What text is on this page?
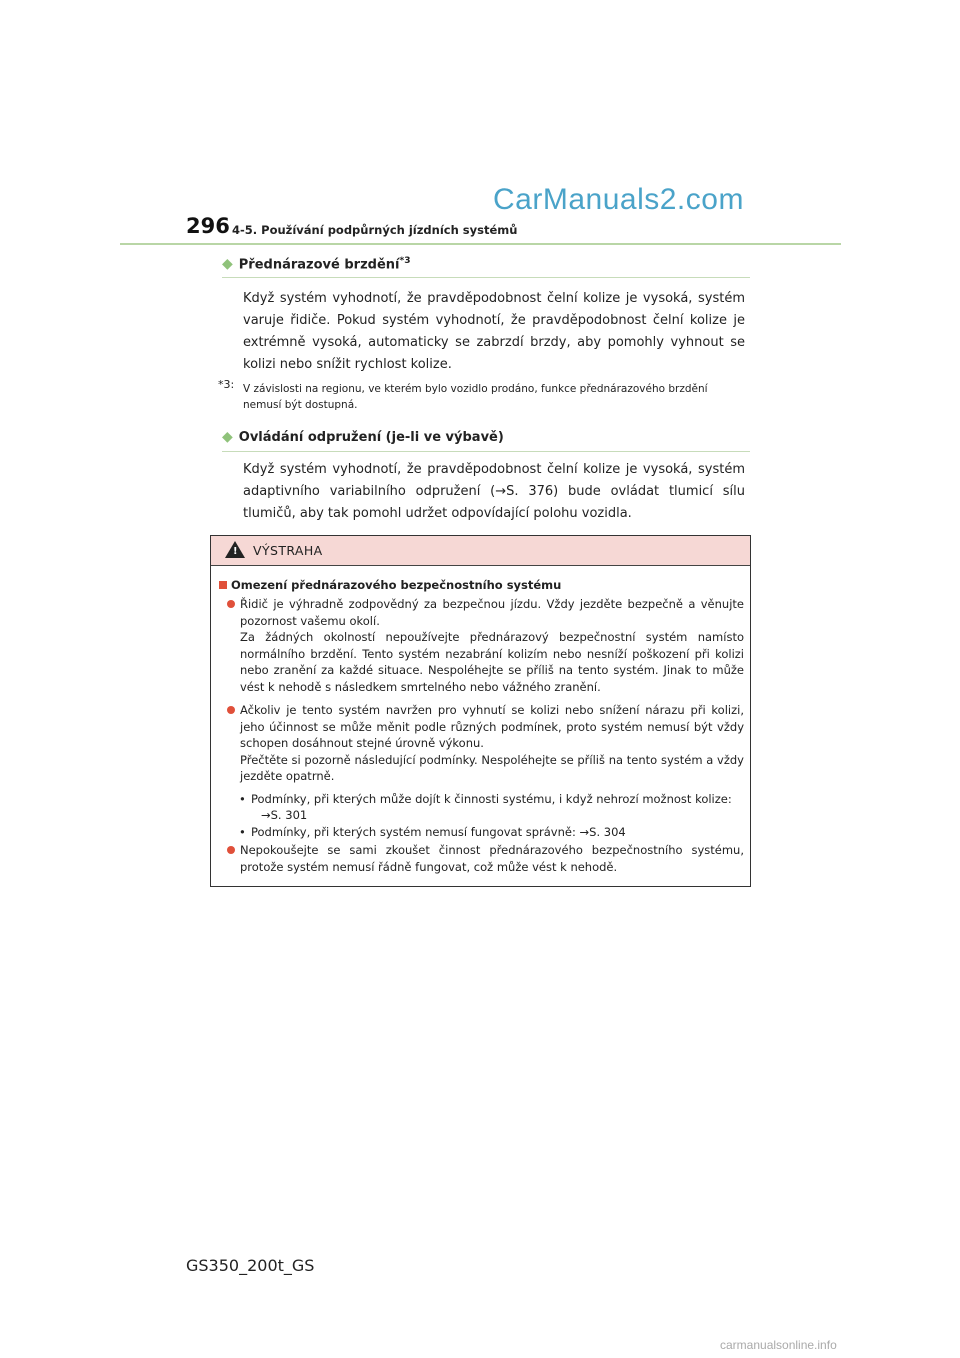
CarManuals2.com
296 4-5. Používání podpůrných jízdních systémů
◆ Přednárazové brzdění$^{*3}$
Když systém vyhodnotí, že pravděpodobnost čelní kolize je vysoká, systém varuje řidiče. Pokud systém vyhodnotí, že pravděpodobnost čelní kolize je extrémně vysoká, automaticky se zabrzdí brzdy, aby pomohly vyhnout se kolizi nebo snížit rychlost kolize.
*3: V závislosti na regionu, ve kterém bylo vozidlo prodáno, funkce přednárazového brzdění nemusí být dostupná.
◆ Ovládání odpružení (je-li ve výbavě)
Když systém vyhodnotí, že pravděpodobnost čelní kolize je vysoká, systém adaptivního variabilního odpružení (→S. 376) bude ovládat tlumicí sílu tlumičů, aby tak pomohl udržet odpovídající polohu vozidla.
! VÝSTRAHA
Omezení přednárazového bezpečnostního systému
Řidič je výhradně zodpovědný za bezpečnou jízdu. Vždy jezděte bezpečně a věnujte pozornost vašemu okolí.
Za žádných okolností nepoužívejte přednárazový bezpečnostní systém namísto normálního brzdění. Tento systém nezabrání kolizím nebo nesníží poškození při kolizi nebo zranění za každé situace. Nespoléhejte se příliš na tento systém. Jinak to může vést k nehodě s následkem smrtelného nebo vážného zranění.
Ačkoliv je tento systém navržen pro vyhnutí se kolizi nebo snížení nárazu při kolizi, jeho účinnost se může měnit podle různých podmínek, proto systém nemusí být vždy schopen dosáhnout stejné úrovně výkonu.
Přečtěte si pozorně následující podmínky. Nespoléhejte se příliš na tento systém a vždy jezděte opatrně.
• Podmínky, při kterých může dojít k činnosti systému, i když nehrozí možnost kolize:
→S. 301
• Podmínky, při kterých systém nemusí fungovat správně: →S. 304
Nepokoušejte se sami zkoušet činnost přednárazového bezpečnostního systému, protože systém nemusí řádně fungovat, což může vést k nehodě.
GS350_200t_GS
carmanualsonline.info
